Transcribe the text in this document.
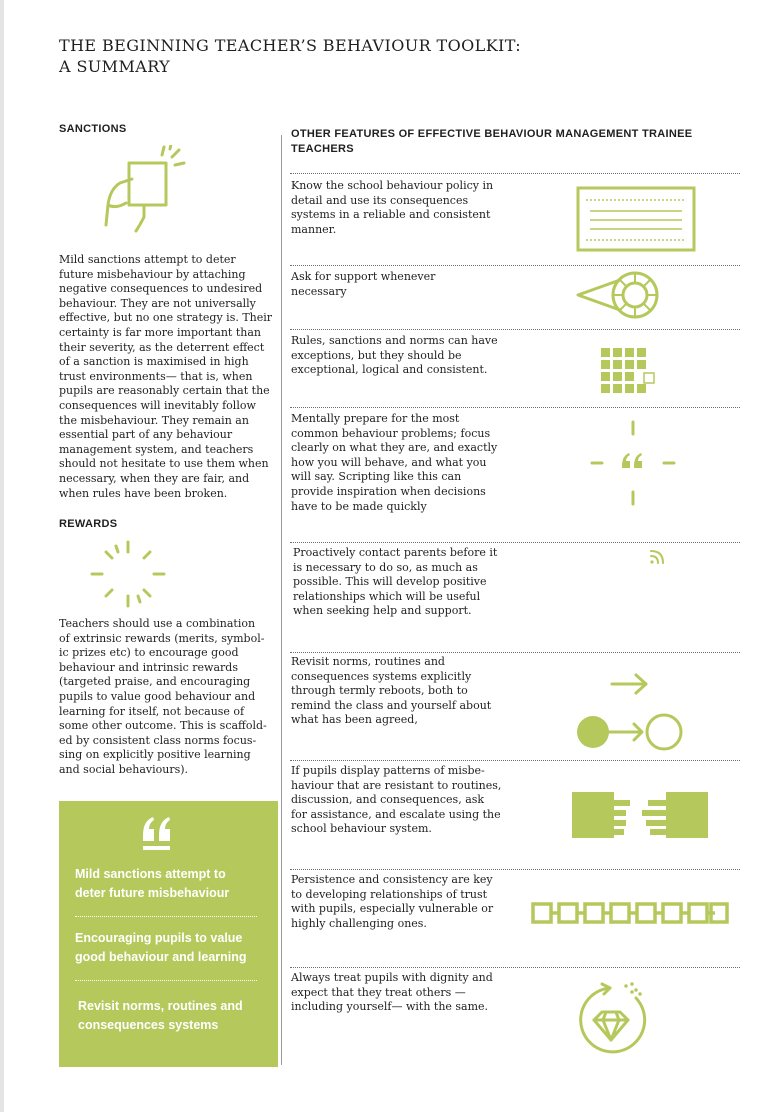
THE BEGINNING TEACHER’S BEHAVIOUR TOOLKIT:
A SUMMARY
SANCTIONS
Mild sanctions attempt to deter
future misbehaviour by attaching
negative consequences to undesired
behaviour. They are not universally
effective, but no one strategy is. Their
certainty is far more important than
their severity, as the deterrent effect
of a sanction is maximised in high
trust environments— that is, when
pupils are reasonably certain that the
consequences will inevitably follow
the misbehaviour. They remain an
essential part of any behaviour
management system, and teachers
should not hesitate to use them when
necessary, when they are fair, and
when rules have been broken.
REWARDS
Teachers should use a combination
of extrinsic rewards (merits, symbol-
ic prizes etc) to encourage good
behaviour and intrinsic rewards
(targeted praise, and encouraging
pupils to value good behaviour and
learning for itself, not because of
some other outcome. This is scaffold-
ed by consistent class norms focus-
sing on explicitly positive learning
and social behaviours).

Mild sanctions attempt to
deter future misbehaviour

Encouraging pupils to value
good behaviour and learning

Revisit norms, routines and
consequences systems

OTHER FEATURES OF EFFECTIVE BEHAVIOUR MANAGEMENT TRAINEE
TEACHERS
Know the school behaviour policy in
detail and use its consequences
systems in a reliable and consistent
manner.
Ask for support whenever
necessary
Rules, sanctions and norms can have
exceptions, but they should be
exceptional, logical and consistent.
Mentally prepare for the most
common behaviour problems; focus
clearly on what they are, and exactly
how you will behave, and what you
will say. Scripting like this can
provide inspiration when decisions
have to be made quickly
Proactively contact parents before it
is necessary to do so, as much as
possible. This will develop positive
relationships which will be useful
when seeking help and support.
Revisit norms, routines and
consequences systems explicitly
through termly reboots, both to
remind the class and yourself about
what has been agreed,
If pupils display patterns of misbe-
haviour that are resistant to routines,
discussion, and consequences, ask
for assistance, and escalate using the
school behaviour system.
Persistence and consistency are key
to developing relationships of trust
with pupils, especially vulnerable or
highly challenging ones.
Always treat pupils with dignity and
expect that they treat others —
including yourself— with the same.
